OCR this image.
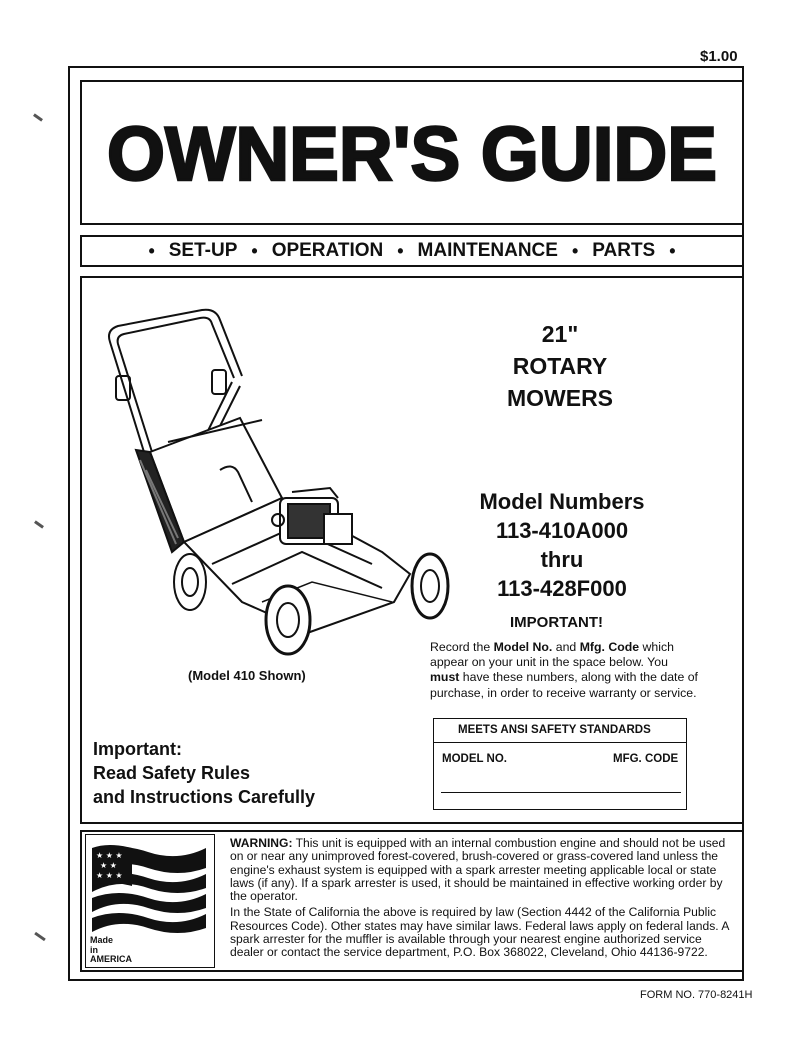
$1.00
OWNER'S GUIDE
• SET-UP • OPERATION • MAINTENANCE • PARTS •
(Model 410 Shown)
21"
ROTARY
MOWERS
Model Numbers
113-410A000
thru
113-428F000
IMPORTANT!
Record the Model No. and Mfg. Code which appear on your unit in the space below. You must have these numbers, along with the date of purchase, in order to receive warranty or service.
MEETS ANSI SAFETY STANDARDS
MODEL NO.	MFG. CODE
Important:
Read Safety Rules
and Instructions Carefully
★ ★ ★
★ ★
★ ★ ★
Made
in
AMERICA

WARNING: This unit is equipped with an internal combustion engine and should not be used on or near any unimproved forest-covered, brush-covered or grass-covered land unless the engine's exhaust system is equipped with a spark arrester meeting applicable local or state laws (if any). If a spark arrester is used, it should be maintained in effective working order by the operator.

In the State of California the above is required by law (Section 4442 of the California Public Resources Code). Other states may have similar laws. Federal laws apply on federal lands. A spark arrester for the muffler is available through your nearest engine authorized service dealer or contact the service department, P.O. Box 368022, Cleveland, Ohio 44136-9722.

FORM NO. 770-8241H
